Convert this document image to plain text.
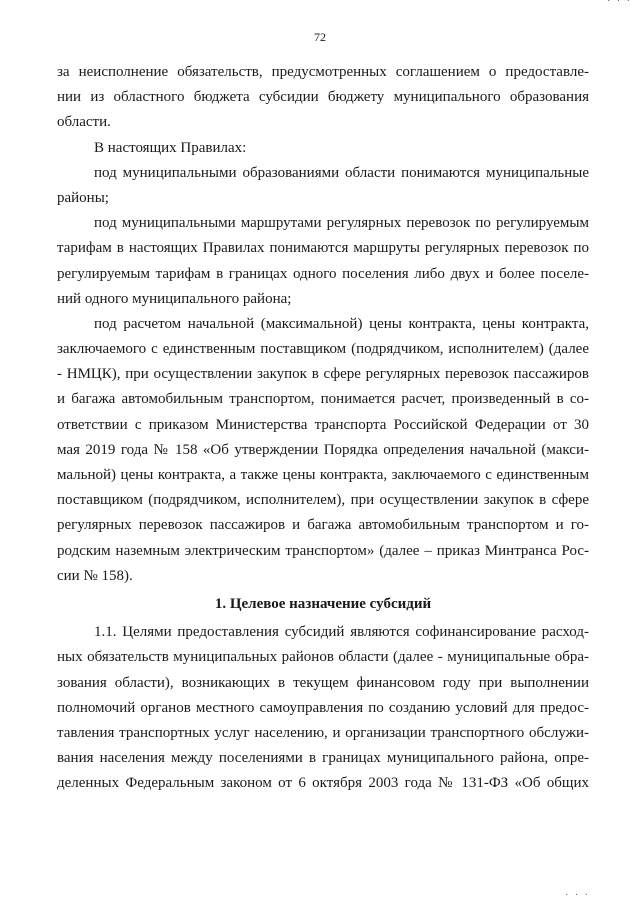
· · ·
72
за неисполнение обязательств, предусмотренных соглашением о предоставле-
нии из областного бюджета субсидии бюджету муниципального образования
области.
В настоящих Правилах:
под муниципальными образованиями области понимаются муниципальные
районы;
под муниципальными маршрутами регулярных перевозок по регулируемым
тарифам в настоящих Правилах понимаются маршруты регулярных перевозок по
регулируемым тарифам в границах одного поселения либо двух и более поселе-
ний одного муниципального района;
под расчетом начальной (максимальной) цены контракта, цены контракта,
заключаемого с единственным поставщиком (подрядчиком, исполнителем) (далее
- НМЦК), при осуществлении закупок в сфере регулярных перевозок пассажиров
и багажа автомобильным транспортом, понимается расчет, произведенный в со-
ответствии с приказом Министерства транспорта Российской Федерации от 30
мая 2019 года № 158 «Об утверждении Порядка определения начальной (макси-
мальной) цены контракта, а также цены контракта, заключаемого с единственным
поставщиком (подрядчиком, исполнителем), при осуществлении закупок в сфере
регулярных перевозок пассажиров и багажа автомобильным транспортом и го-
родским наземным электрическим транспортом» (далее – приказ Минтранса Рос-
сии № 158).
1. Целевое назначение субсидий
1.1. Целями предоставления субсидий являются софинансирование расход-
ных обязательств муниципальных районов области (далее - муниципальные обра-
зования области), возникающих в текущем финансовом году при выполнении
полномочий органов местного самоуправления по созданию условий для предос-
тавления транспортных услуг населению, и организации транспортного обслужи-
вания населения между поселениями в границах муниципального района, опре-
деленных Федеральным законом от 6 октября 2003 года № 131-ФЗ «Об общих
· · ·
